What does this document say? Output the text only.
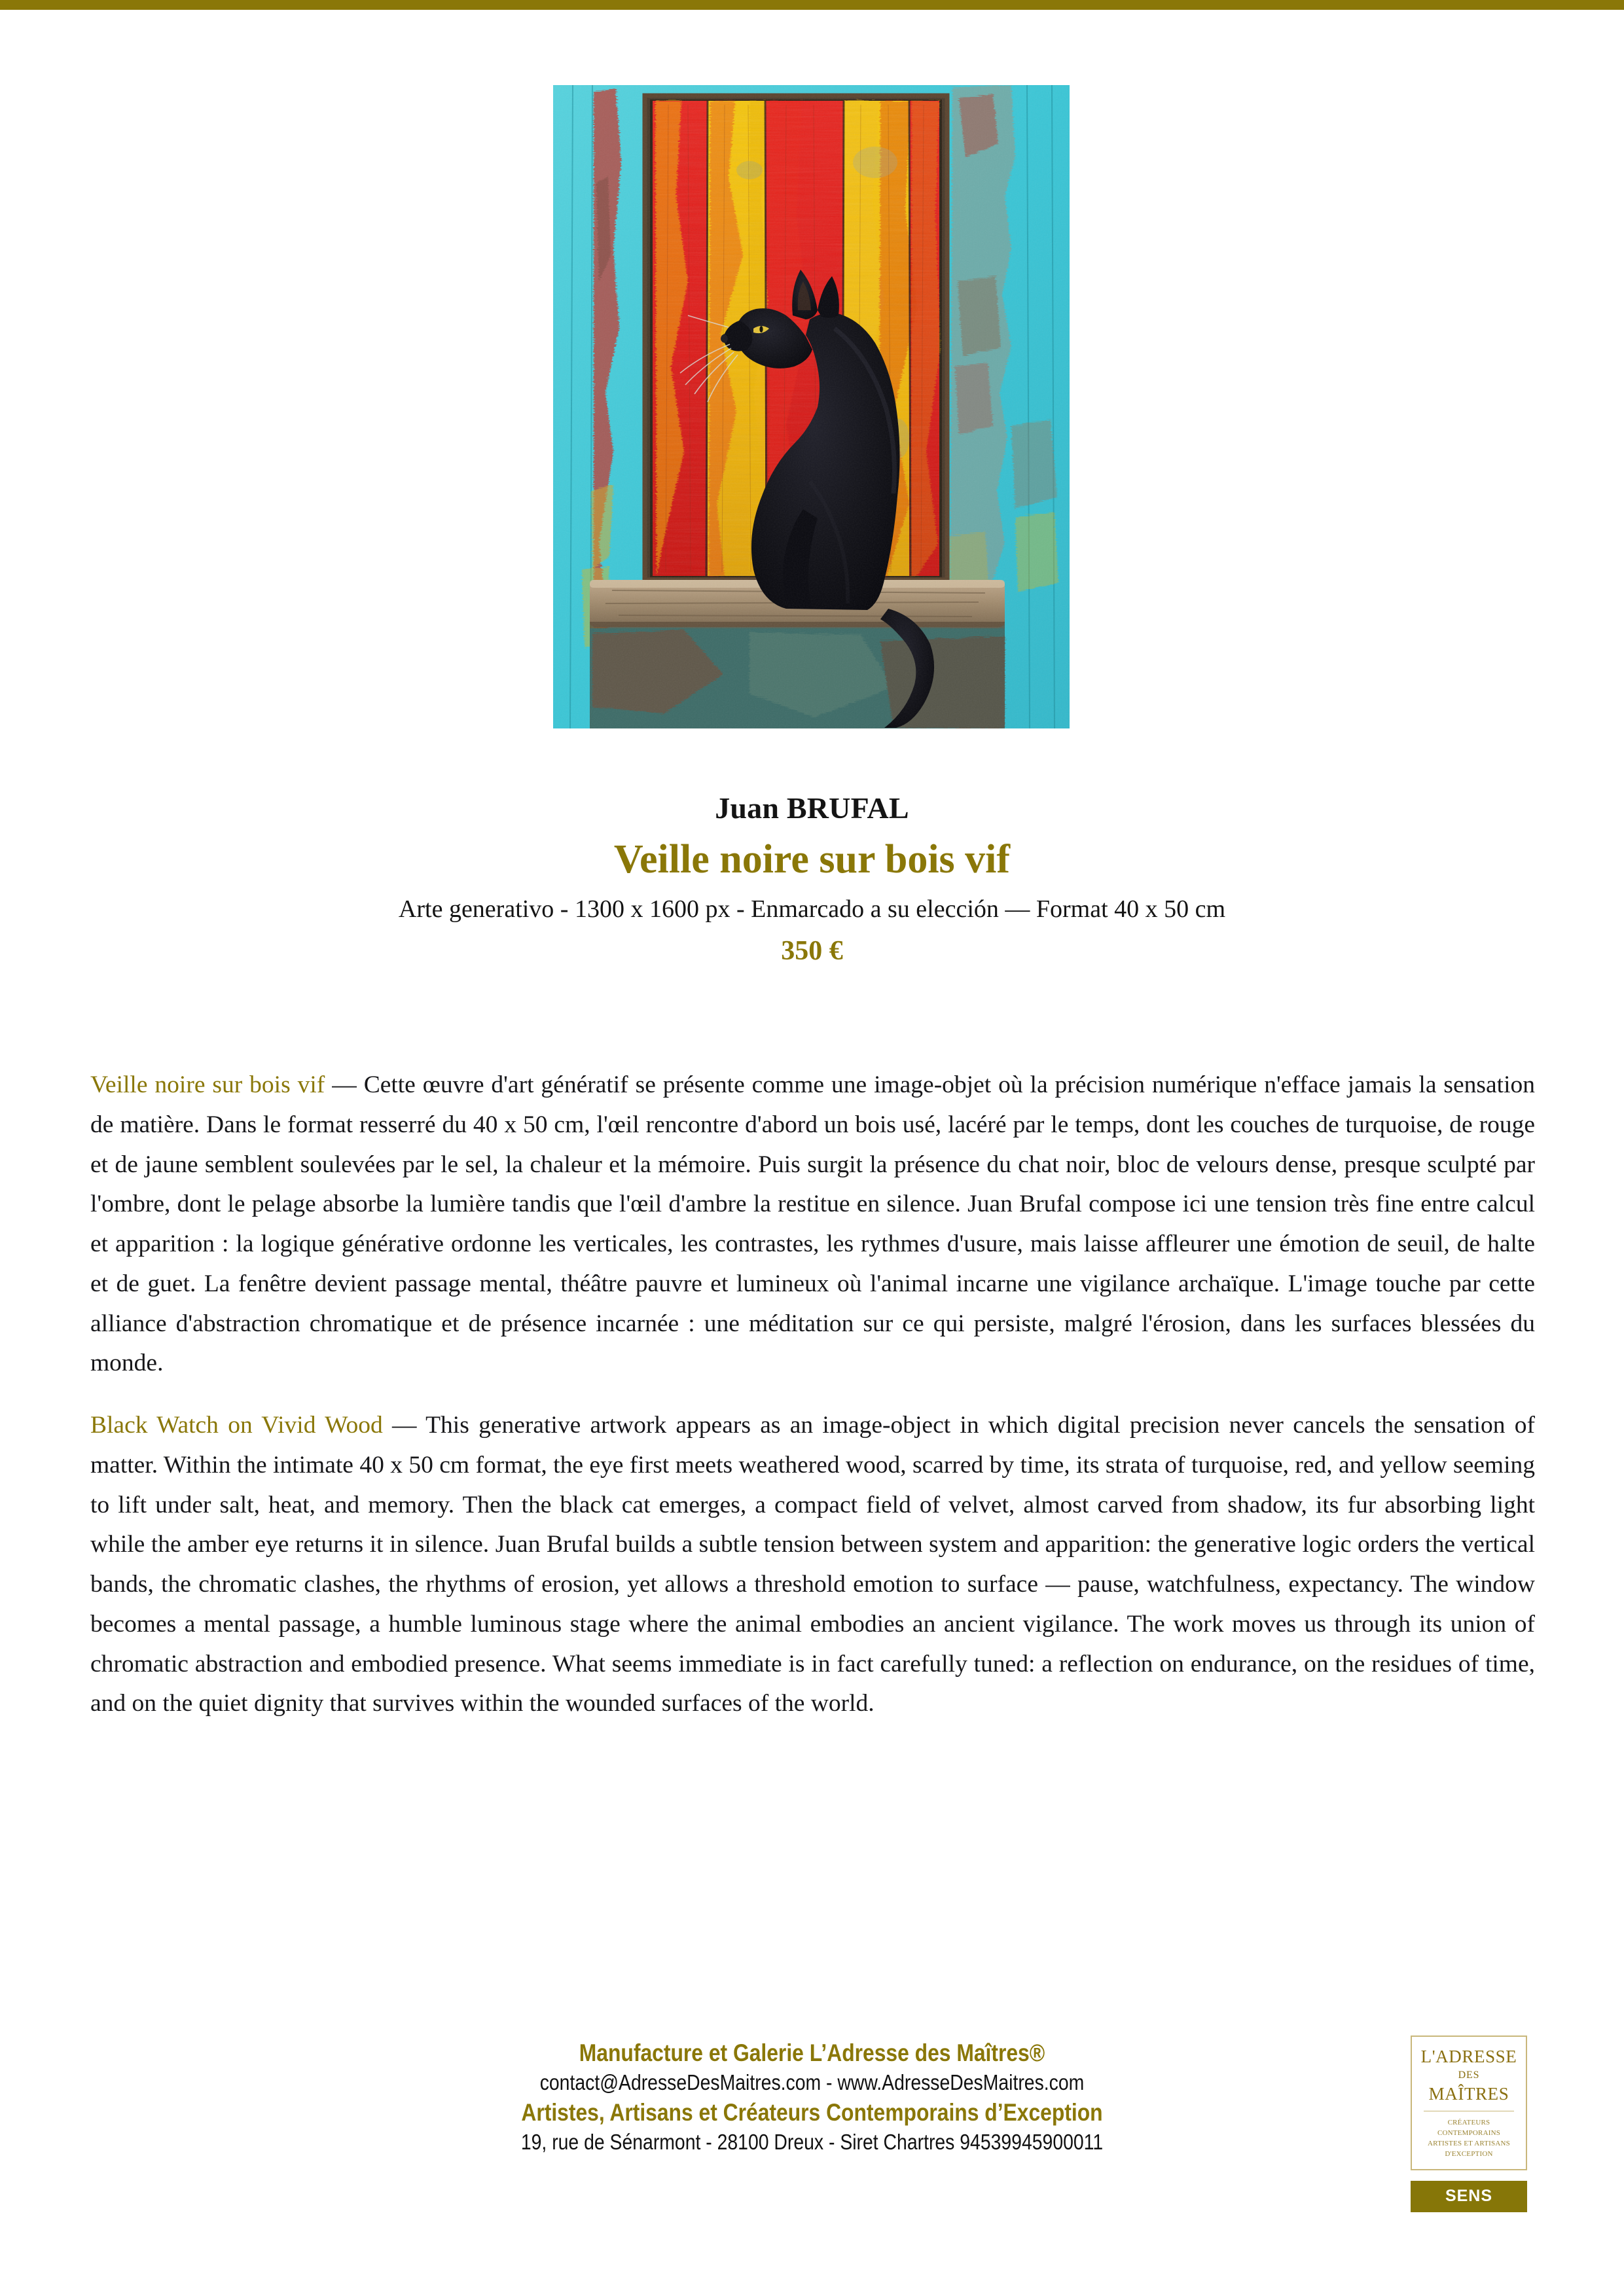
Juan BRUFAL
Veille noire sur bois vif
Arte generativo - 1300 x 1600 px - Enmarcado a su elección — Format 40 x 50 cm
350 €

Veille noire sur bois vif — Cette œuvre d'art génératif se présente comme une image-objet où la précision numérique n'efface jamais la sensation de matière. Dans le format resserré du 40 x 50 cm, l'œil rencontre d'abord un bois usé, lacéré par le temps, dont les couches de turquoise, de rouge et de jaune semblent soulevées par le sel, la chaleur et la mémoire. Puis surgit la présence du chat noir, bloc de velours dense, presque sculpté par l'ombre, dont le pelage absorbe la lumière tandis que l'œil d'ambre la restitue en silence. Juan Brufal compose ici une tension très fine entre calcul et apparition : la logique générative ordonne les verticales, les contrastes, les rythmes d'usure, mais laisse affleurer une émotion de seuil, de halte et de guet. La fenêtre devient passage mental, théâtre pauvre et lumineux où l'animal incarne une vigilance archaïque. L'image touche par cette alliance d'abstraction chromatique et de présence incarnée : une méditation sur ce qui persiste, malgré l'érosion, dans les surfaces blessées du monde.

Black Watch on Vivid Wood — This generative artwork appears as an image-object in which digital precision never cancels the sensation of matter. Within the intimate 40 x 50 cm format, the eye first meets weathered wood, scarred by time, its strata of turquoise, red, and yellow seeming to lift under salt, heat, and memory. Then the black cat emerges, a compact field of velvet, almost carved from shadow, its fur absorbing light while the amber eye returns it in silence. Juan Brufal builds a subtle tension between system and apparition: the generative logic orders the vertical bands, the chromatic clashes, the rhythms of erosion, yet allows a threshold emotion to surface — pause, watchfulness, expectancy. The window becomes a mental passage, a humble luminous stage where the animal embodies an ancient vigilance. The work moves us through its union of chromatic abstraction and embodied presence. What seems immediate is in fact carefully tuned: a reflection on endurance, on the residues of time, and on the quiet dignity that survives within the wounded surfaces of the world.

Manufacture et Galerie L’Adresse des Maîtres®
contact@AdresseDesMaitres.com - www.AdresseDesMaitres.com
Artistes, Artisans et Créateurs Contemporains d’Exception
19, rue de Sénarmont - 28100 Dreux - Siret Chartres 94539945900011
L'ADRESSE
DES
MAÎTRES
CRÉATEURS CONTEMPORAINS
ARTISTES ET ARTISANS
D'EXCEPTION
SENS
